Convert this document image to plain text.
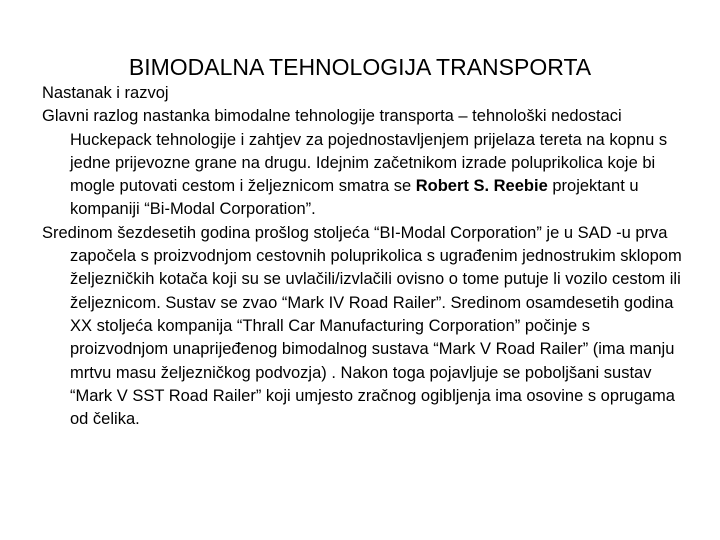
BIMODALNA TEHNOLOGIJA TRANSPORTA

Nastanak i razvoj

Glavni razlog nastanka bimodalne tehnologije transporta – tehnološki nedostaci Huckepack tehnologije i zahtjev za pojednostavljenjem prijelaza tereta na kopnu s jedne prijevozne grane na drugu. Idejnim začetnikom izrade poluprikolica koje bi mogle putovati cestom i željeznicom smatra se Robert S. Reebie projektant u kompaniji “Bi-Modal Corporation”.

Sredinom šezdesetih godina prošlog stoljeća “BI-Modal Corporation” je u SAD -u prva započela s proizvodnjom cestovnih poluprikolica s ugrađenim jednostrukim sklopom željezničkih kotača koji su se uvlačili/izvlačili ovisno o tome putuje li vozilo cestom ili željeznicom. Sustav se zvao “Mark IV Road Railer”. Sredinom osamdesetih godina XX stoljeća kompanija “Thrall Car Manufacturing Corporation” počinje s proizvodnjom unaprijeđenog bimodalnog sustava “Mark V Road Railer” (ima manju mrtvu masu željezničkog podvozja) . Nakon toga pojavljuje se poboljšani sustav “Mark V SST Road Railer” koji umjesto zračnog ogibljenja ima osovine s oprugama od čelika.
